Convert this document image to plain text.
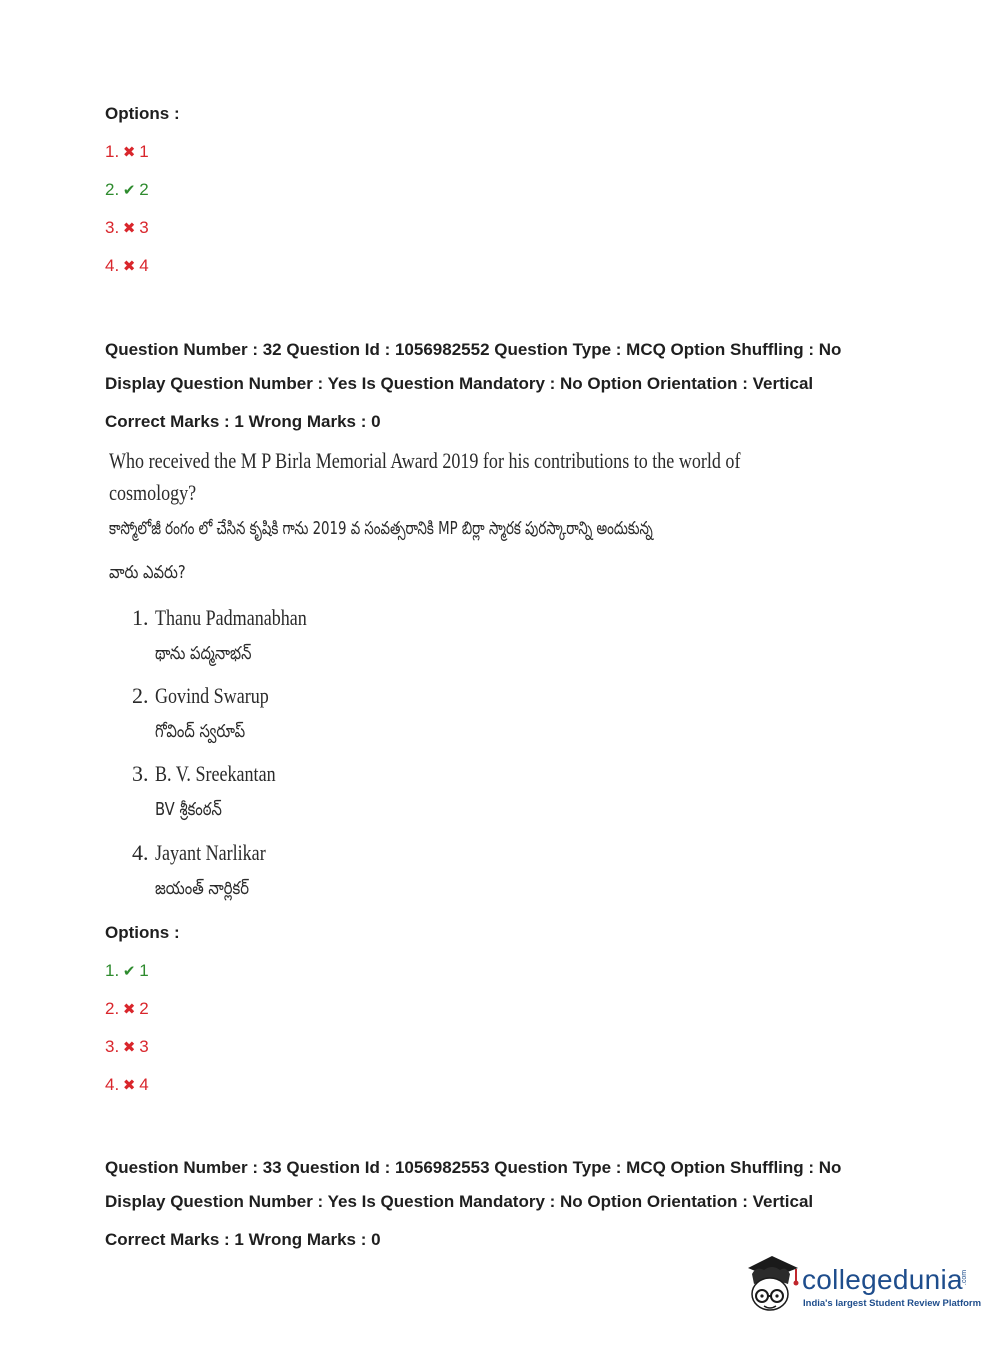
Options :
1. ✖ 1
2. ✔ 2
3. ✖ 3
4. ✖ 4
Question Number : 32 Question Id : 1056982552 Question Type : MCQ Option Shuffling : No
Display Question Number : Yes Is Question Mandatory : No Option Orientation : Vertical
Correct Marks : 1 Wrong Marks : 0
Who received the M P Birla Memorial Award 2019 for his contributions to the world of
cosmology?
కాస్మోలోజీ రంగం లో చేసిన కృషికి గాను 2019 వ సంవత్సరానికి MP బిర్లా స్మారక పురస్కారాన్ని అందుకున్న
వారు ఎవరు?
1. Thanu Padmanabhan
థాను పద్మనాభన్
2. Govind Swarup
గోవింద్ స్వరూప్
3. B. V. Sreekantan
BV శ్రీకంఠన్
4. Jayant Narlikar
జయంత్ నార్లికర్
Options :
1. ✔ 1
2. ✖ 2
3. ✖ 3
4. ✖ 4
Question Number : 33 Question Id : 1056982553 Question Type : MCQ Option Shuffling : No
Display Question Number : Yes Is Question Mandatory : No Option Orientation : Vertical
Correct Marks : 1 Wrong Marks : 0
collegedunia
.com
India's largest Student Review Platform
